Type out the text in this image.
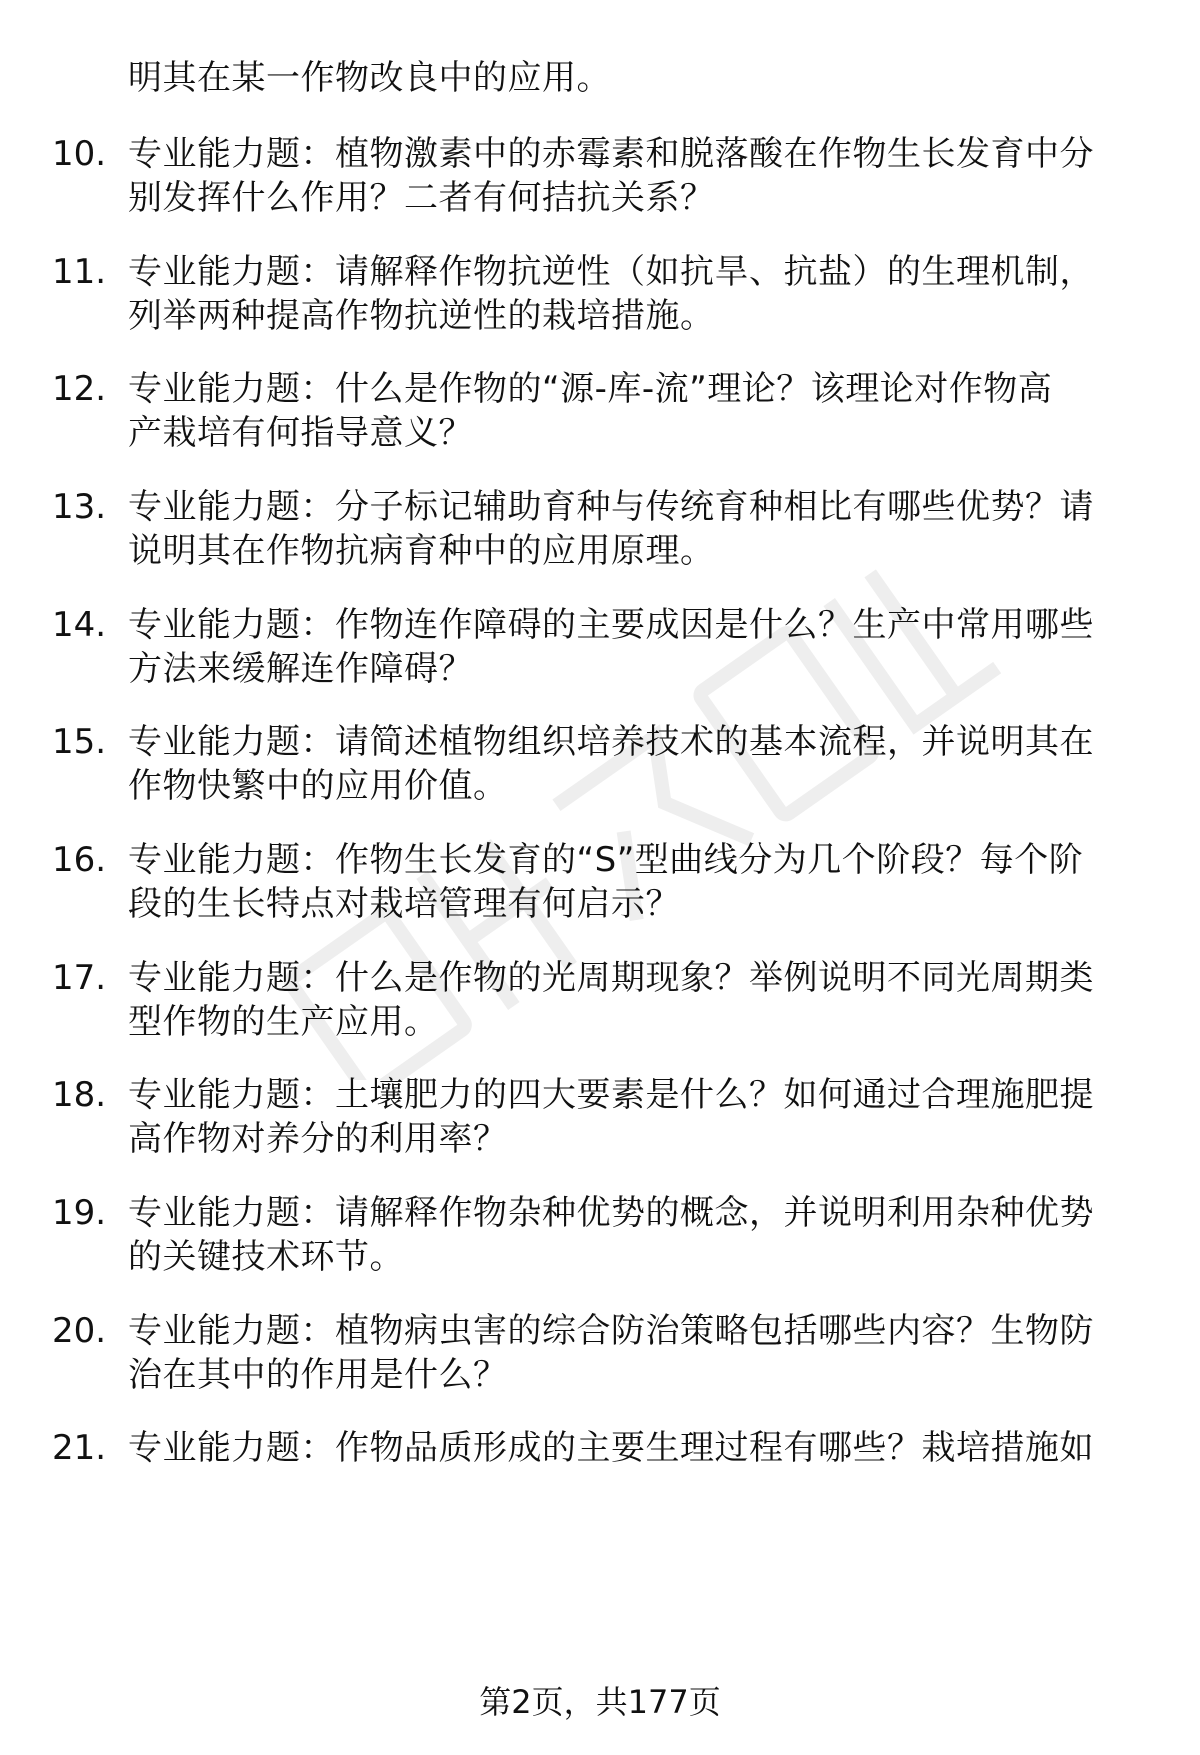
明其在某一作物改良中的应用。
10. 专业能力题：植物激素中的赤霉素和脱落酸在作物生长发育中分
别发挥什么作用？二者有何拮抗关系？
11. 专业能力题：请解释作物抗逆性（如抗旱、抗盐）的生理机制，
列举两种提高作物抗逆性的栽培措施。
12. 专业能力题：什么是作物的“源-库-流”理论？该理论对作物高
产栽培有何指导意义？
13. 专业能力题：分子标记辅助育种与传统育种相比有哪些优势？请
说明其在作物抗病育种中的应用原理。
14. 专业能力题：作物连作障碍的主要成因是什么？生产中常用哪些
方法来缓解连作障碍？
15. 专业能力题：请简述植物组织培养技术的基本流程，并说明其在
作物快繁中的应用价值。
16. 专业能力题：作物生长发育的“S”型曲线分为几个阶段？每个阶
段的生长特点对栽培管理有何启示？
17. 专业能力题：什么是作物的光周期现象？举例说明不同光周期类
型作物的生产应用。
18. 专业能力题：土壤肥力的四大要素是什么？如何通过合理施肥提
高作物对养分的利用率？
19. 专业能力题：请解释作物杂种优势的概念，并说明利用杂种优势
的关键技术环节。
20. 专业能力题：植物病虫害的综合防治策略包括哪些内容？生物防
治在其中的作用是什么？
21. 专业能力题：作物品质形成的主要生理过程有哪些？栽培措施如
第2页，共177页
